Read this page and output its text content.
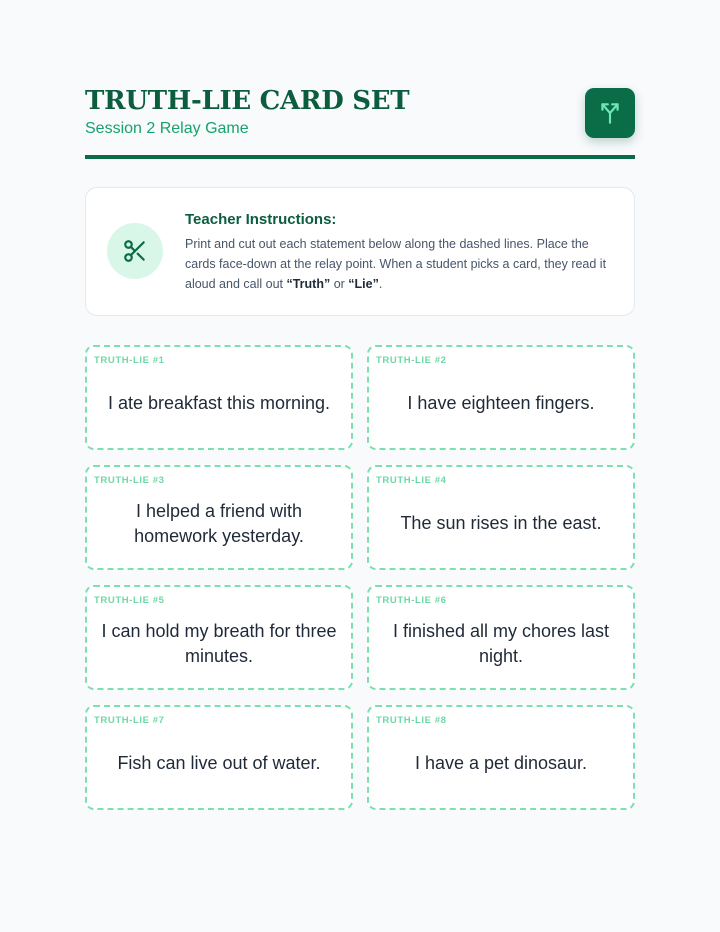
TRUTH-LIE CARD SET
Session 2 Relay Game
Teacher Instructions:
Print and cut out each statement below along the dashed lines. Place the cards face-down at the relay point. When a student picks a card, they read it aloud and call out “Truth” or “Lie”.
TRUTH-LIE #1
I ate breakfast this morning.
TRUTH-LIE #2
I have eighteen fingers.
TRUTH-LIE #3
I helped a friend with homework yesterday.
TRUTH-LIE #4
The sun rises in the east.
TRUTH-LIE #5
I can hold my breath for three minutes.
TRUTH-LIE #6
I finished all my chores last night.
TRUTH-LIE #7
Fish can live out of water.
TRUTH-LIE #8
I have a pet dinosaur.
